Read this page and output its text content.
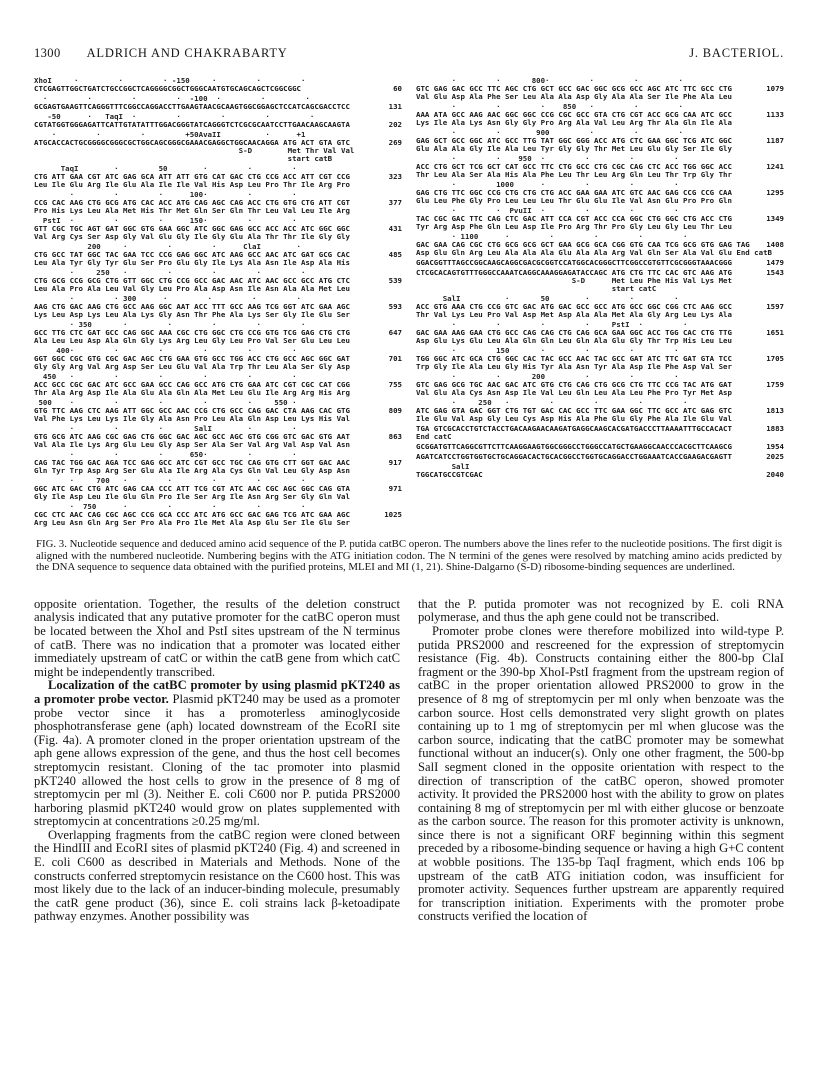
1300 ALDRICH AND CHAKRABARTY	J. BACTERIOL.
XhoI     ·         ·         · -150     ·         ·         ·
CTCGAGTTGGCTGATCTGCCGGCTCAGGGGCGGCTGGGCAATGTGCAGCAGCTCGGCGGC	60
·         ·         ·         ·  -100  ·         ·         ·
GCGAGTGAAGTTCAGGGTTTCGGCCAGGACCTTGAAGTAACGCAAGTGGCGGAGCTCCATCAGCGACCTCC	131
-50      ·   TaqI  ·         ·         ·         ·         ·
CGTATGGTGGGAGATTCATTGTATATTTGGACGGGTATCAGGGTCTCGCGCAATCCTTGAACAAGCAAGTA	202
·         ·         ·         +50AvaII          ·      +1
ATGCACCACTGCGGGGCGGGCGCTGGCAGCGGGCGAAACGAGGCTGGCAACAGGA ATG ACT GTA GTC	269
S-D        Met Thr Val Val
start catB
TaqI        ·         50        ·         ·         ·
CTG ATT GAA CGT ATC GAG GCA ATT ATT GTG CAT GAC CTG CCG ACC ATT CGT CCG	323
Leu Ile Glu Arg Ile Glu Ala Ile Ile Val His Asp Leu Pro Thr Ile Arg Pro
·         ·         ·      100·         ·         ·
CCG CAC AAG CTG GCG ATG CAC ACC ATG CAG AGC CAG ACC CTG GTG CTG ATT CGT	377
Pro His Lys Leu Ala Met His Thr Met Gln Ser Gln Thr Leu Val Leu Ile Arg
PstI  ·         ·         ·      150·         ·         ·
GTT CGC TGC AGT GAT GGC GTG GAA GGC ATC GGC GAG GCC ACC ACC ATC GGC GGC	431
Val Arg Cys Ser Asp Gly Val Glu Gly Ile Gly Glu Ala Thr Thr Ile Gly Gly
200     ·         ·         ·      ClaI        ·
CTG GCC TAT GGC TAC GAA TCC CCG GAG GGC ATC AAG GCC AAC ATC GAT GCG CAC	485
Leu Ala Tyr Gly Tyr Glu Ser Pro Glu Gly Ile Lys Ala Asn Ile Asp Ala His
·     250   ·         ·         ·         ·         ·
CTG GCG CCG GCG CTG GTT GGC CTG CCG GCC GAC AAC ATC AAC GCC GCC ATG CTC	539
Leu Ala Pro Ala Leu Val Gly Leu Pro Ala Asp Asn Ile Asn Ala Ala Met Leu
·         · 300      ·         ·         ·         ·
AAG CTG GAC AAG CTG GCC AAG GGC AAT ACC TTT GCC AAG TCG GGT ATC GAA AGC	593
Lys Leu Asp Lys Leu Ala Lys Gly Asn Thr Phe Ala Lys Ser Gly Ile Glu Ser
· 350       ·         ·         ·         ·         ·
GCC TTG CTC GAT GCC CAG GGC AAA CGC CTG GGC CTG CCG GTG TCG GAG CTG CTG	647
Ala Leu Leu Asp Ala Gln Gly Lys Arg Leu Gly Leu Pro Val Ser Glu Leu Leu
400·         ·         ·         ·         ·         ·
GGT GGC CGC GTG CGC GAC AGC CTG GAA GTG GCC TGG ACC CTG GCC AGC GGC GAT	701
Gly Gly Arg Val Arg Asp Ser Leu Glu Val Ala Trp Thr Leu Ala Ser Gly Asp
450   ·         ·         ·         ·         ·         ·
ACC GCC CGC GAC ATC GCC GAA GCC CAG GCC ATG CTG GAA ATC CGT CGC CAT CGG	755
Thr Ala Arg Asp Ile Ala Glu Ala Gln Ala Met Leu Glu Ile Arg Arg His Arg
500    ·         ·         ·         ·         ·     550 ·
GTG TTC AAG CTC AAG ATT GGC GCC AAC CCG CTG GCC CAG GAC CTA AAG CAC GTG	809
Val Phe Lys Leu Lys Ile Gly Ala Asn Pro Leu Ala Gln Asp Leu Lys His Val
·         ·         ·       SalI        ·         ·
GTG GCG ATC AAG CGC GAG CTG GGC GAC AGC GCC AGC GTG CGG GTC GAC GTG AAT	863
Val Ala Ile Lys Arg Glu Leu Gly Asp Ser Ala Ser Val Arg Val Asp Val Asn
·         ·         ·      650·         ·         ·
CAG TAC TGG GAC AGA TCC GAG GCC ATC CGT GCC TGC CAG GTG CTT GGT GAC AAC	917
Gln Tyr Trp Asp Arg Ser Glu Ala Ile Arg Ala Cys Gln Val Leu Gly Asp Asn
·     700   ·         ·         ·         ·         ·
GGC ATC GAC CTG ATC GAG CAA CCC ATT TCG CGT ATC AAC CGC AGC GGC CAG GTA	971
Gly Ile Asp Leu Ile Glu Gln Pro Ile Ser Arg Ile Asn Arg Ser Gly Gln Val
·  750      ·         ·         ·         ·         ·
CGC CTC AAC CAG CGC AGC CCG GCA CCC ATC ATG GCC GAC GAG TCG ATC GAA AGC	1025
Arg Leu Asn Gln Arg Ser Pro Ala Pro Ile Met Ala Asp Glu Ser Ile Glu Ser
·         ·       800·         ·         ·         ·
GTC GAG GAC GCC TTC AGC CTG GCT GCC GAC GGC GCG GCC AGC ATC TTC GCC CTG	1079
Val Glu Asp Ala Phe Ser Leu Ala Ala Asp Gly Ala Ala Ser Ile Phe Ala Leu
·         ·         ·    850   ·         ·         ·
AAA ATA GCC AAG AAC GGC GGC CCG CGC GCC GTA CTG CGT ACC GCG CAA ATC GCC	1133
Lys Ile Ala Lys Asn Gly Gly Pro Arg Ala Val Leu Arg Thr Ala Gln Ile Ala
·         ·        900         ·         ·         ·
GAG GCT GCC GGC ATC GCC TTG TAT GGC GGG ACC ATG CTC GAA GGC TCG ATC GGC	1187
Glu Ala Ala Gly Ile Ala Leu Tyr Gly Gly Thr Met Leu Glu Gly Ser Ile Gly
·         ·    950  ·         ·         ·         ·
ACC CTG GCT TCG GCT CAT GCC TTC CTG GCC CTG CGC CAG CTC ACC TGG GGC ACC	1241
Thr Leu Ala Ser Ala His Ala Phe Leu Thr Leu Arg Gln Leu Thr Trp Gly Thr
·         1000      ·         ·         ·         ·
GAG CTG TTC GGC CCG CTG CTG CTG ACC GAA GAA ATC GTC AAC GAG CCG CCG CAA	1295
Glu Leu Phe Gly Pro Leu Leu Leu Thr Glu Glu Ile Val Asn Glu Pro Pro Gln
·         ·  PvuII  ·         ·         ·         ·
TAC CGC GAC TTC CAG CTC GAC ATT CCA CGT ACC CCA GGC CTG GGC CTG ACC CTG	1349
Tyr Arg Asp Phe Gln Leu Asp Ile Pro Arg Thr Pro Gly Leu Gly Leu Thr Leu
· 1100      ·         ·         ·         ·         ·
GAC GAA CAG CGC CTG GCG GCG GCT GAA GCG GCA CGG GTG CAA TCG GCG GTG GAG TAG	1408
Asp Glu Gln Arg Leu Ala Ala Ala Glu Ala Ala Arg Val Gln Ser Ala Val Glu End catB
GGACGGTTTAGCCGGCAAGCAGGCGACGCGGTCCATGGCACGGGCTTCGGCCGTGTTCGCGGGTAAACGGG	1479
CTCGCACAGTGTTTGGGCCAAATCAGGCAAAGGAGATACCAGC ATG CTG TTC CAC GTC AAG ATG	1543
S-D      Met Leu Phe His Val Lys Met
start catC
SalI          ·       50        ·         ·         ·
ACC GTG AAA CTG CCG GTC GAC ATG GAC GCC GCC ATG GCC GGC CGG CTC AAG GCC	1597
Thr Val Lys Leu Pro Val Asp Met Asp Ala Ala Met Ala Gly Arg Leu Lys Ala
·         ·         ·         ·     PstI  ·         ·
GAC GAA AAG GAA CTG GCC CAG CAG CTG CAG GCA GAA GGC ACC TGG CAC CTG TTG	1651
Asp Glu Lys Glu Leu Ala Gln Gln Leu Gln Ala Glu Gly Thr Trp His Leu Leu
·         150       ·         ·         ·         ·
TGG GGC ATC GCA CTG GGC CAC TAC GCC AAC TAC GCC GAT ATC TTC GAT GTA TCC	1705
Trp Gly Ile Ala Leu Gly His Tyr Ala Asn Tyr Ala Asp Ile Phe Asp Val Ser
·         ·       200         ·         ·         ·
GTC GAG GCG TGC AAC GAC ATC GTG CTG CAG CTG GCG CTG TTC CCG TAC ATG GAT	1759
Val Glu Ala Cys Asn Asp Ile Val Leu Gln Leu Ala Leu Phe Pro Tyr Met Asp
·     250   ·         ·         ·         ·         ·
ATC GAG GTA GAC GGT CTG TGT GAC CAC GCC TTC GAA GGC TTC GCC ATC GAG GTC	1813
Ile Glu Val Asp Gly Leu Cys Asp His Ala Phe Glu Gly Phe Ala Ile Glu Val
TGA GTCGCACCTGTCTACCTGACAAGAACAAGATGAGGCAAGCACGATGACCCTTAAAATTTGCCACACT	1883
End catC
GCGGATGTTCAGGCGTTCTTCAAGGAAGTGGCGGGCCTGGGCCATGCTGAAGGCAACCCACGCTTCAAGCG	1954
AGATCATCCTGGTGGTGCTGCAGGACACTGCACGGCCTGGTGCAGGACCTGGAAATCACCGAAGACGAGTT	2025
SalI
TGGCATGCCGTCGAC	2040

FIG. 3. Nucleotide sequence and deduced amino acid sequence of the P. putida catBC operon. The numbers above the lines refer to the nucleotide positions. The first digit is aligned with the numbered nucleotide. Numbering begins with the ATG initiation codon. The N termini of the genes were resolved by matching amino acids predicted by the DNA sequence to sequence data obtained with the purified proteins, MLEI and MI (1, 21). Shine-Dalgarno (S-D) ribosome-binding sequences are underlined.

opposite orientation. Together, the results of the deletion construct analysis indicated that any putative promoter for the catBC operon must be located between the XhoI and PstI sites upstream of the N terminus of catB. There was no indication that a promoter was located either immediately upstream of catC or within the catB gene from which catC might be independently transcribed.

Localization of the catBC promoter by using plasmid pKT240 as a promoter probe vector. Plasmid pKT240 may be used as a promoter probe vector since it has a promoterless aminoglycoside phosphotransferase gene (aph) located downstream of the EcoRI site (Fig. 4a). A promoter cloned in the proper orientation upstream of the aph gene allows expression of the gene, and thus the host cell becomes streptomycin resistant. Cloning of the tac promoter into plasmid pKT240 allowed the host cells to grow in the presence of 8 mg of streptomycin per ml (3). Neither E. coli C600 nor P. putida PRS2000 harboring plasmid pKT240 would grow on plates supplemented with streptomycin at concentrations ≥0.25 mg/ml.

Overlapping fragments from the catBC region were cloned between the HindIII and EcoRI sites of plasmid pKT240 (Fig. 4) and screened in E. coli C600 as described in Materials and Methods. None of the constructs conferred streptomycin resistance on the C600 host. This was most likely due to the lack of an inducer-binding molecule, presumably the catR gene product (36), since E. coli strains lack β-ketoadipate pathway enzymes. Another possibility was

that the P. putida promoter was not recognized by E. coli RNA polymerase, and thus the aph gene could not be transcribed.

Promoter probe clones were therefore mobilized into wild-type P. putida PRS2000 and rescreened for the expression of streptomycin resistance (Fig. 4b). Constructs containing either the 800-bp ClaI fragment or the 390-bp XhoI-PstI fragment from the upstream region of catBC in the proper orientation allowed PRS2000 to grow in the presence of 8 mg of streptomycin per ml only when benzoate was the carbon source. Host cells demonstrated very slight growth on plates containing up to 1 mg of streptomycin per ml when glucose was the carbon source, indicating that the catBC promoter may be somewhat functional without an inducer(s). Only one other fragment, the 500-bp SalI segment cloned in the opposite orientation with respect to the direction of transcription of the catBC operon, showed promoter activity. It provided the PRS2000 host with the ability to grow on plates containing 8 mg of streptomycin per ml with either glucose or benzoate as the carbon source. The reason for this promoter activity is unknown, since there is not a significant ORF beginning within this segment preceded by a ribosome-binding sequence or having a high G+C content at wobble positions. The 135-bp TaqI fragment, which ends 106 bp upstream of the catB ATG initiation codon, was insufficient for promoter activity. Sequences further upstream are apparently required for transcription initiation. Experiments with the promoter probe constructs verified the location of
